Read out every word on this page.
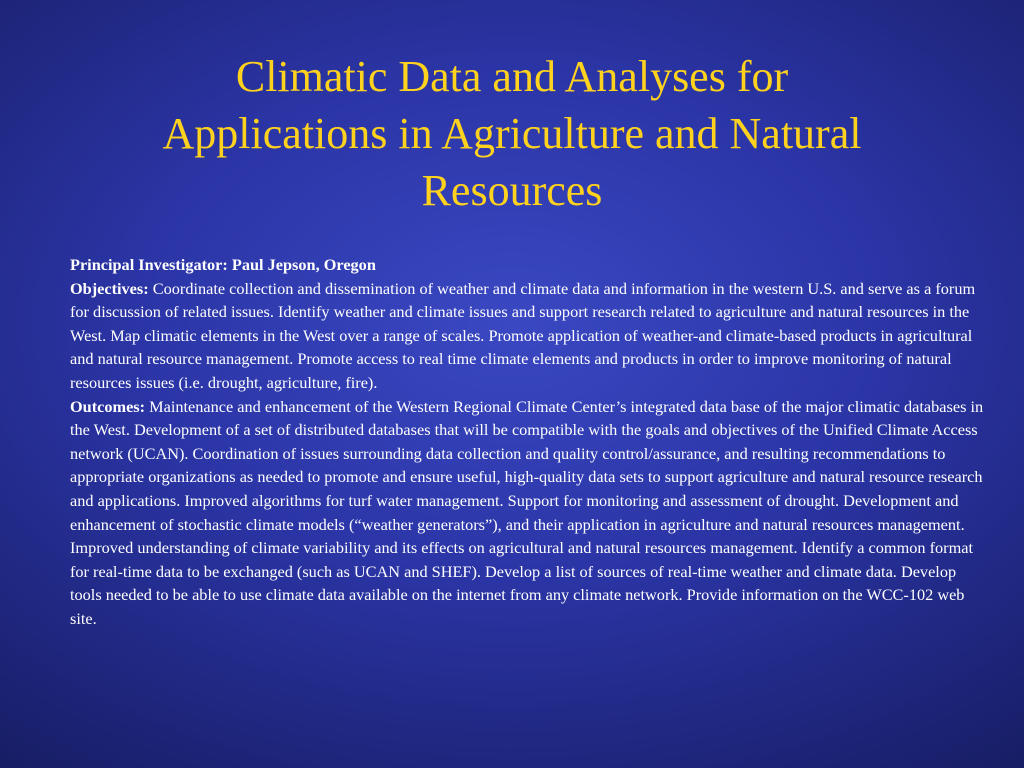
Climatic Data and Analyses for
Applications in Agriculture and Natural
Resources

Principal Investigator: Paul Jepson, Oregon

Objectives: Coordinate collection and dissemination of weather and climate data and information in the western U.S. and serve as a forum for discussion of related issues. Identify weather and climate issues and support research related to agriculture and natural resources in the West. Map climatic elements in the West over a range of scales. Promote application of weather-and climate-based products in agricultural and natural resource management. Promote access to real time climate elements and products in order to improve monitoring of natural resources issues (i.e. drought, agriculture, fire).

Outcomes: Maintenance and enhancement of the Western Regional Climate Center’s integrated data base of the major climatic databases in the West. Development of a set of distributed databases that will be compatible with the goals and objectives of the Unified Climate Access network (UCAN). Coordination of issues surrounding data collection and quality control/assurance, and resulting recommendations to appropriate organizations as needed to promote and ensure useful, high-quality data sets to support agriculture and natural resource research and applications. Improved algorithms for turf water management. Support for monitoring and assessment of drought. Development and enhancement of stochastic climate models (“weather generators”), and their application in agriculture and natural resources management. Improved understanding of climate variability and its effects on agricultural and natural resources management. Identify a common format for real-time data to be exchanged (such as UCAN and SHEF). Develop a list of sources of real-time weather and climate data. Develop tools needed to be able to use climate data available on the internet from any climate network. Provide information on the WCC-102 web site.
